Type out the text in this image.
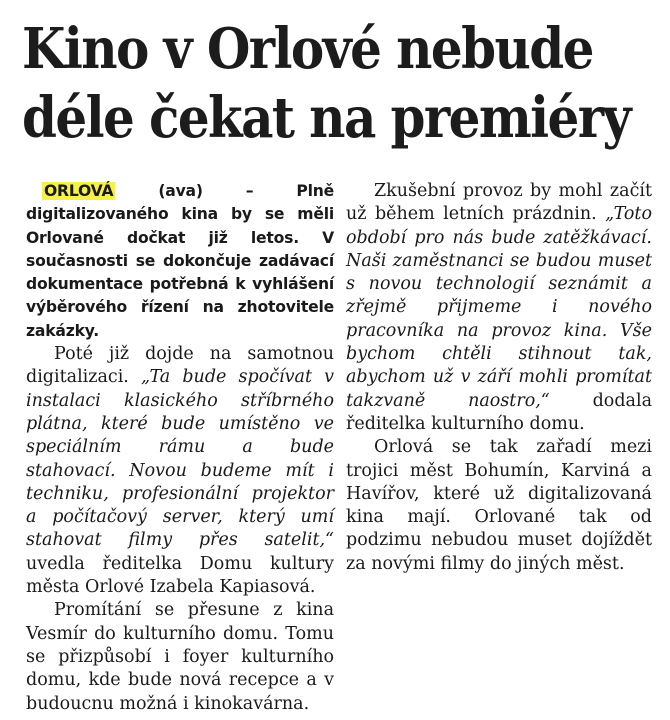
Kino v Orlové nebude
déle čekat na premiéry

ORLOVÁ (ava) – Plně digitalizovaného kina by se měli Orlované dočkat již letos. V současnosti se dokončuje zadávací dokumentace potřebná k vyhlášení výběrového řízení na zhotovitele zakázky.

Poté již dojde na samotnou digitalizaci. „Ta bude spočívat v instalaci klasického stříbrného plátna, které bude umístěno ve speciálním rámu a bude stahovací. Novou budeme mít i techniku, profesionální projektor a počítačový server, který umí stahovat filmy přes satelit,“ uvedla ředitelka Domu kultury města Orlové Izabela Kapiasová.

Promítání se přesune z kina Vesmír do kulturního domu. Tomu se přizpůsobí i foyer kulturního domu, kde bude nová recepce a v budoucnu možná i kinokavárna.

Zkušební provoz by mohl začít už během letních prázdnin. „Toto období pro nás bude zatěžkávací. Naši zaměstnanci se budou muset s novou technologií seznámit a zřejmě přijmeme i nového pracovníka na provoz kina. Vše bychom chtěli stihnout tak, abychom už v září mohli promítat takzvaně naostro,“ dodala ředitelka kulturního domu.

Orlová se tak zařadí mezi trojici měst Bohumín, Karviná a Havířov, které už digitalizovaná kina mají. Orlované tak od podzimu nebudou muset dojíždět za novými filmy do jiných měst.
